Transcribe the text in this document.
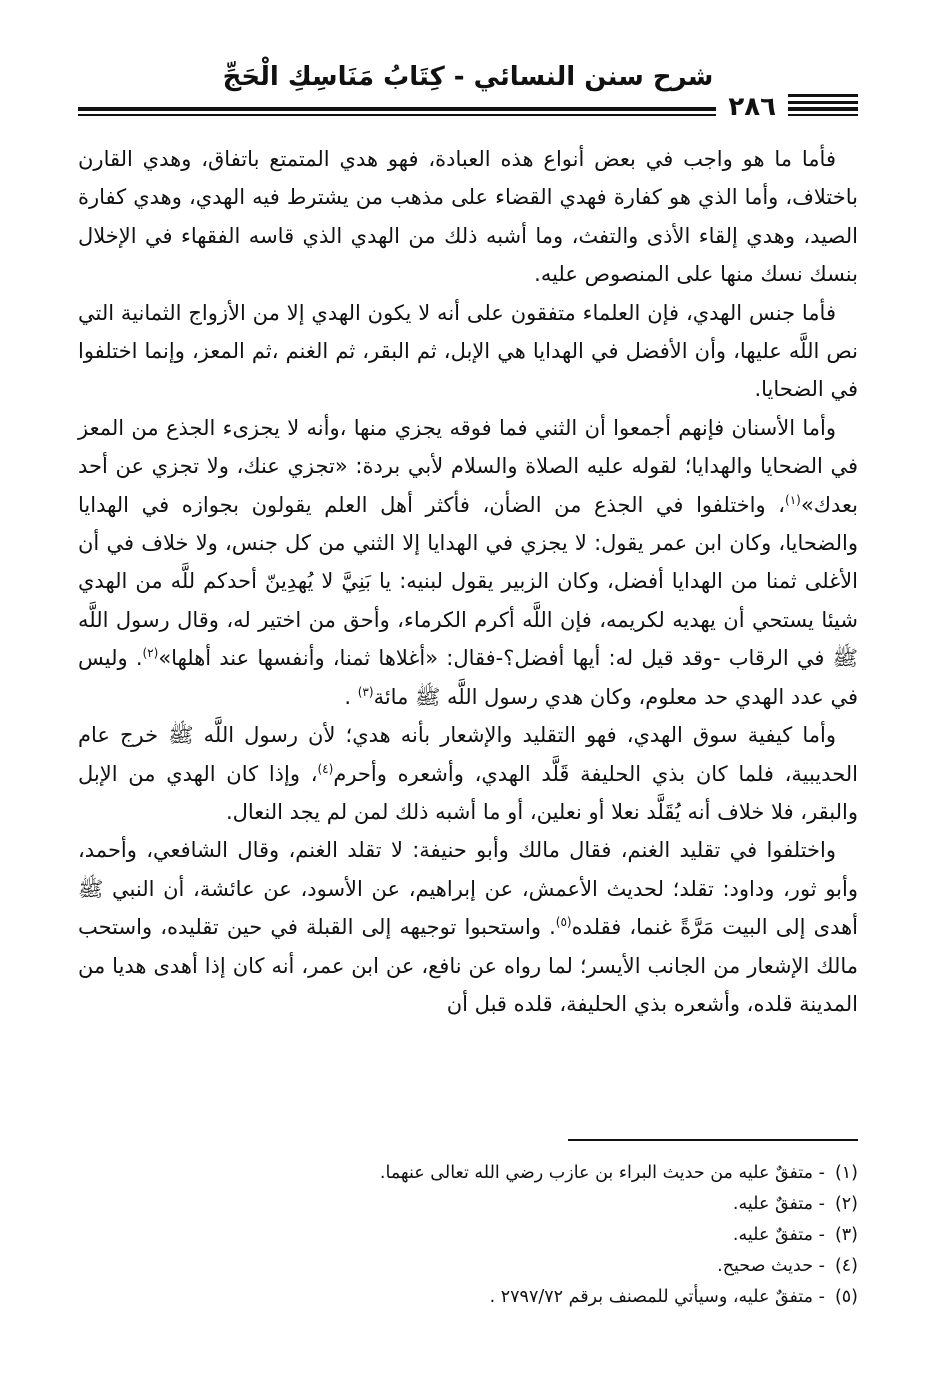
شرح سنن النسائي - كِتَابُ مَنَاسِكِ الْحَجِّ
٢٨٦

فأما ما هو واجب في بعض أنواع هذه العبادة، فهو هدي المتمتع باتفاق، وهدي القارن باختلاف، وأما الذي هو كفارة فهدي القضاء على مذهب من يشترط فيه الهدي، وهدي كفارة الصيد، وهدي إلقاء الأذى والتفث، وما أشبه ذلك من الهدي الذي قاسه الفقهاء في الإخلال بنسك نسك منها على المنصوص عليه.

فأما جنس الهدي، فإن العلماء متفقون على أنه لا يكون الهدي إلا من الأزواج الثمانية التي نص اللَّه عليها، وأن الأفضل في الهدايا هي الإبل، ثم البقر، ثم الغنم ،ثم المعز، وإنما اختلفوا في الضحايا.

وأما الأسنان فإنهم أجمعوا أن الثني فما فوقه يجزي منها ،وأنه لا يجزىء الجذع من المعز في الضحايا والهدايا؛ لقوله عليه الصلاة والسلام لأبي بردة: «تجزي عنك، ولا تجزي عن أحد بعدك»$^{(١)}$، واختلفوا في الجذع من الضأن، فأكثر أهل العلم يقولون بجوازه في الهدايا والضحايا، وكان ابن عمر يقول: لا يجزي في الهدايا إلا الثني من كل جنس، ولا خلاف في أن الأغلى ثمنا من الهدايا أفضل، وكان الزبير يقول لبنيه: يا بَنِيَّ لا يُهدِينّ أحدكم للَّه من الهدي شيئا يستحي أن يهديه لكريمه، فإن اللَّه أكرم الكرماء، وأحق من اختير له، وقال رسول اللَّه ﷺ في الرقاب -وقد قيل له: أيها أفضل؟-فقال: «أغلاها ثمنا، وأنفسها عند أهلها»$^{(٢)}$. وليس في عدد الهدي حد معلوم، وكان هدي رسول اللَّه ﷺ مائة$^{(٣)}$ .

وأما كيفية سوق الهدي، فهو التقليد والإشعار بأنه هدي؛ لأن رسول اللَّه ﷺ خرج عام الحديبية، فلما كان بذي الحليفة قَلَّد الهدي، وأشعره وأحرم$^{(٤)}$، وإذا كان الهدي من الإبل والبقر، فلا خلاف أنه يُقَلَّد نعلا أو نعلين، أو ما أشبه ذلك لمن لم يجد النعال.

واختلفوا في تقليد الغنم، فقال مالك وأبو حنيفة: لا تقلد الغنم، وقال الشافعي، وأحمد، وأبو ثور، وداود: تقلد؛ لحديث الأعمش، عن إبراهيم، عن الأسود، عن عائشة، أن النبي ﷺ أهدى إلى البيت مَرَّةً غنما، فقلده$^{(٥)}$. واستحبوا توجيهه إلى القبلة في حين تقليده، واستحب مالك الإشعار من الجانب الأيسر؛ لما رواه عن نافع، عن ابن عمر، أنه كان إذا أهدى هديا من المدينة قلده، وأشعره بذي الحليفة، قلده قبل أن

(١)- متفقٌ عليه من حديث البراء بن عازب رضي الله تعالى عنهما.
(٢)- متفقٌ عليه.
(٣)- متفقٌ عليه.
(٤)- حديث صحيح.
(٥)- متفقٌ عليه، وسيأتي للمصنف برقم ٢٧٩٧/٧٢ .
